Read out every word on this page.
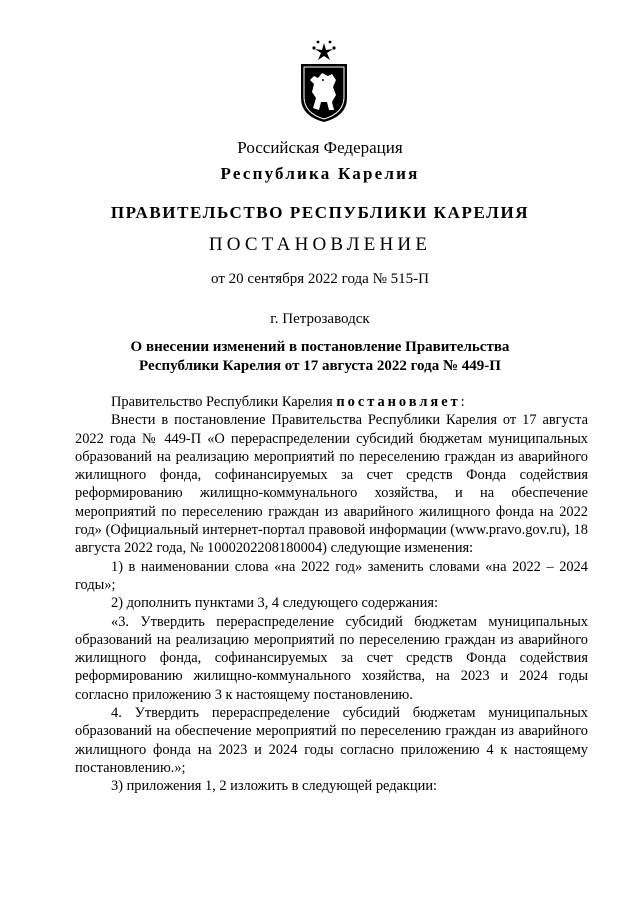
Российская Федерация
Республика Карелия
ПРАВИТЕЛЬСТВО РЕСПУБЛИКИ КАРЕЛИЯ
ПОСТАНОВЛЕНИЕ
от 20 сентября 2022 года № 515-П
г. Петрозаводск
О внесении изменений в постановление Правительства
Республики Карелия от 17 августа 2022 года № 449-П

Правительство Республики Карелия постановляет:

Внести в постановление Правительства Республики Карелия от 17 августа 2022 года № 449-П «О перераспределении субсидий бюджетам муниципальных образований на реализацию мероприятий по переселению граждан из аварийного жилищного фонда, софинансируемых за счет средств Фонда содействия реформированию жилищно-коммунального хозяйства, и на обеспечение мероприятий по переселению граждан из аварийного жилищного фонда на 2022 год» (Официальный интернет-портал правовой информации (www.pravo.gov.ru), 18 августа 2022 года, № 1000202208180004) следующие изменения:

1) в наименовании слова «на 2022 год» заменить словами «на 2022 – 2024 годы»;

2) дополнить пунктами 3, 4 следующего содержания:

«3. Утвердить перераспределение субсидий бюджетам муниципальных образований на реализацию мероприятий по переселению граждан из аварийного жилищного фонда, софинансируемых за счет средств Фонда содействия реформированию жилищно-коммунального хозяйства, на 2023 и 2024 годы согласно приложению 3 к настоящему постановлению.

4. Утвердить перераспределение субсидий бюджетам муниципальных образований на обеспечение мероприятий по переселению граждан из аварийного жилищного фонда на 2023 и 2024 годы согласно приложению 4 к настоящему постановлению.»;

3) приложения 1, 2 изложить в следующей редакции:
